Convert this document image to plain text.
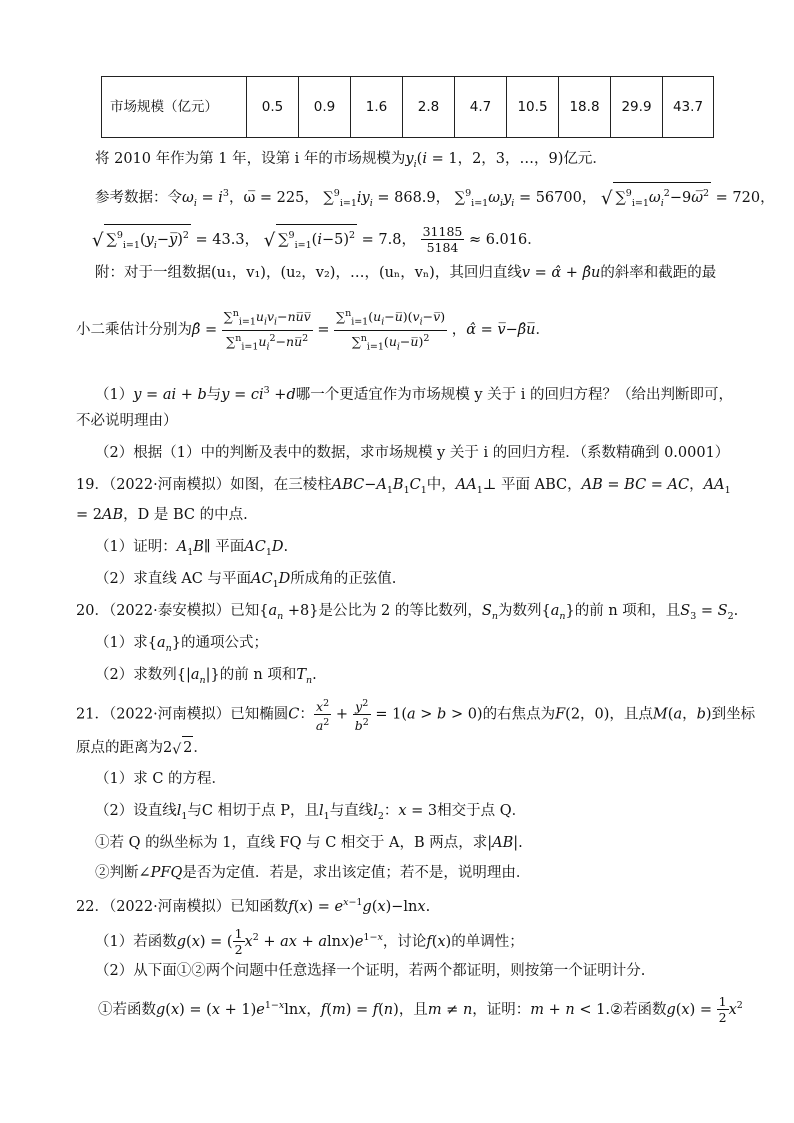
市场规模（亿元）	0.5	0.9	1.6	2.8	4.7	10.5	18.8	29.9	43.7
将 2010 年作为第 1 年，设第 i 年的市场规模为$y_i(i = 1$，2，3，…，9)亿元．
参考数据：令$\omega_i = i^3$，ω̅ = 225， $\sum^9_{i=1}iy_i = 868.9$， $\sum^9_{i=1}\omega_iy_i = 56700$， √ $\sum^9_{i=1}\omega_i^2-9\omega̅^2 = 720$，
√ $\sum^9_{i=1}(y_i-y̅)^2 = 43.3$， √ $\sum^9_{i=1}(i-5)^2 = 7.8$， $\frac{31185}{5184} \approx 6.016$．
附：对于一组数据(u₁，v₁)，(u₂，v₂)，…，(uₙ，vₙ)，其回归直线v = α̂ + β̂u的斜率和截距的最
小二乘估计分别为β̂ = $\frac{\sum^n_{i=1}u_iv_i-nu̅v̅}{\sum^n_{i=1}u_i^2-nu̅^2} = \frac{\sum^n_{i=1}(u_i-u̅)(v_i-v̅)}{\sum^n_{i=1}(u_i-u̅)^2}$ ，α̂ = v̅−β̂u̅．
（1）y = ai + b与$y = ci^3 +d$哪一个更适宜作为市场规模 y 关于 i 的回归方程？（给出判断即可，
不必说明理由）
（2）根据（1）中的判断及表中的数据，求市场规模 y 关于 i 的回归方程．（系数精确到 0.0001）
19．（2022·河南模拟）如图，在三棱柱$ABC-A_1B_1C_1$中，$AA_1\perp$ 平面 ABC，AB = BC = AC，$AA_1$
= 2AB，D 是 BC 的中点.
（1）证明：$A_1B\parallel$ 平面$AC_1D$.
（2）求直线 AC 与平面$AC_1D$所成角的正弦值.
20．（2022·泰安模拟）已知$\{a_n +8\}$是公比为 2 的等比数列，$S_n$为数列$\{a_n\}$的前 n 项和，且$S_3 = S_2$.
（1）求$\{a_n\}$的通项公式；
（2）求数列$\{|a_n|\}$的前 n 项和$T_n$.
21．（2022·河南模拟）已知椭圆C： $\frac{x^2}{a^2} + \frac{y^2}{b^2} = 1(a > b > 0)$的右焦点为F(2，0)，且点M(a，b)到坐标
原点的距离为2√ 2．
（1）求 C 的方程．
（2）设直线$l_1$与C 相切于点 P，且$l_1$与直线$l_2$：x = 3相交于点 Q．
①若 Q 的纵坐标为 1，直线 FQ 与 C 相交于 A，B 两点，求|AB|.
②判断∠PFQ是否为定值．若是，求出该定值；若不是，说明理由．
22．（2022·河南模拟）已知函数$f(x) = e^{x-1}g(x)-\ln x$.
（1）若函数g(x) = ( $\frac{1}{2} x^2$ + ax + $alnx)e^{1-x}$，讨论f(x)的单调性；
（2）从下面①②两个问题中任意选择一个证明，若两个都证明，则按第一个证明计分.
①若函数$g(x) = (x + 1)e^{1-x}\ln x$，f(m) = f(n)，且m ≠ n，证明：m + n < 1.②若函数$g(x) = \frac{1}{2} x^2$
